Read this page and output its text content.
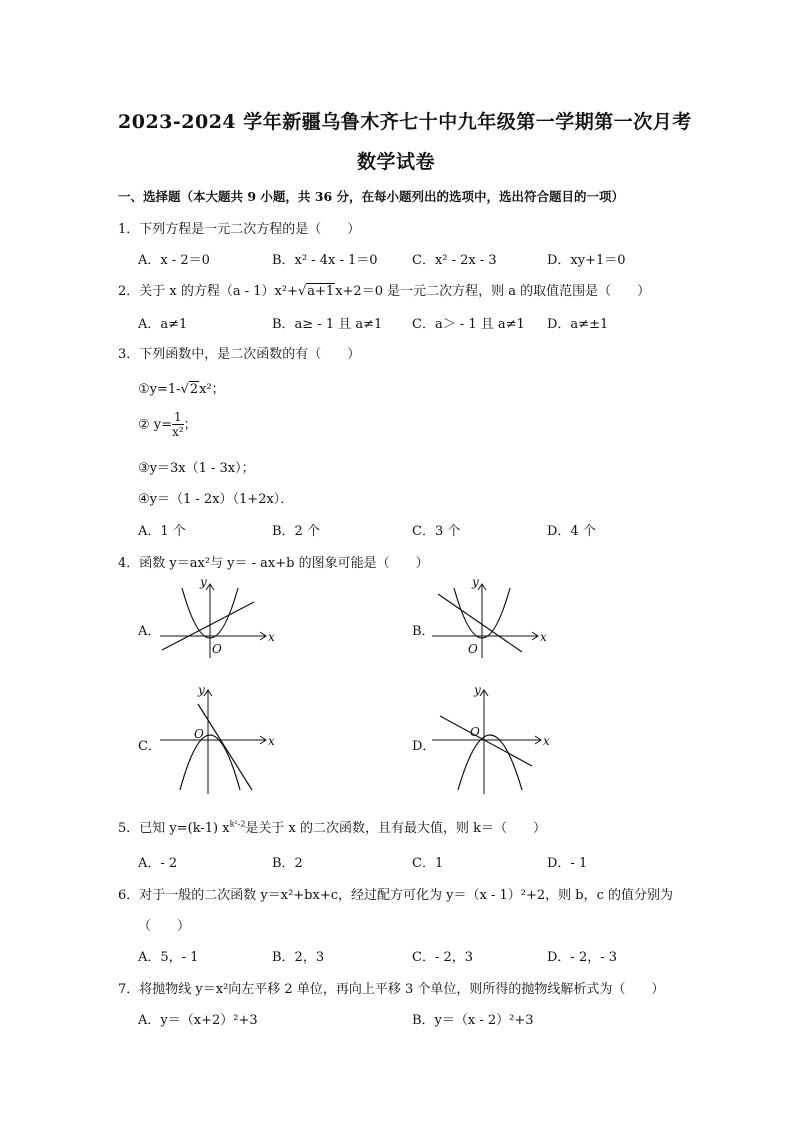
2023-2024 学年新疆乌鲁木齐七十中九年级第一学期第一次月考
数学试卷
一、选择题（本大题共 9 小题，共 36 分，在每小题列出的选项中，选出符合题目的一项）
1．下列方程是一元二次方程的是（　　）
A．x - 2＝0	B．x² - 4x - 1＝0	C．x² - 2x - 3	D．xy+1＝0
2．关于 x 的方程（a - 1）x²+√a+1x+2＝0 是一元二次方程，则 a 的取值范围是（　　）
A．a≠1	B．a≥ - 1 且 a≠1 C．a＞ - 1 且 a≠1 D．a≠±1
3．下列函数中，是二次函数的有（　　）
①y=1-√2x²；
② $y= \frac{1}{\text{x²}}$ ；
③y＝3x（1 - 3x）；
④y＝（1 - 2x）（1+2x）．
A．1 个	B．2 个	C．3 个	D．4 个
4．函数 y＝ax²与 y＝ - ax+b 的图象可能是（　　）
A．	B．
C．	D．
x
y
O
x
y
O
x
y
O	x
y
O
5．已知 y=(k-1) $x^{k^2-2}$是关于 x 的二次函数，且有最大值，则 k＝（　　）
A．- 2	B．2	C．1	D．- 1
6．对于一般的二次函数 y＝x²+bx+c，经过配方可化为 y＝（x - 1）²+2，则 b，c 的值分别为
（　　）
A．5，- 1	B．2，3	C．- 2，3	D．- 2，- 3
7．将抛物线 y＝x²向左平移 2 单位，再向上平移 3 个单位，则所得的抛物线解析式为（　　）
A．y＝（x+2）²+3	B．y＝（x - 2）²+3
